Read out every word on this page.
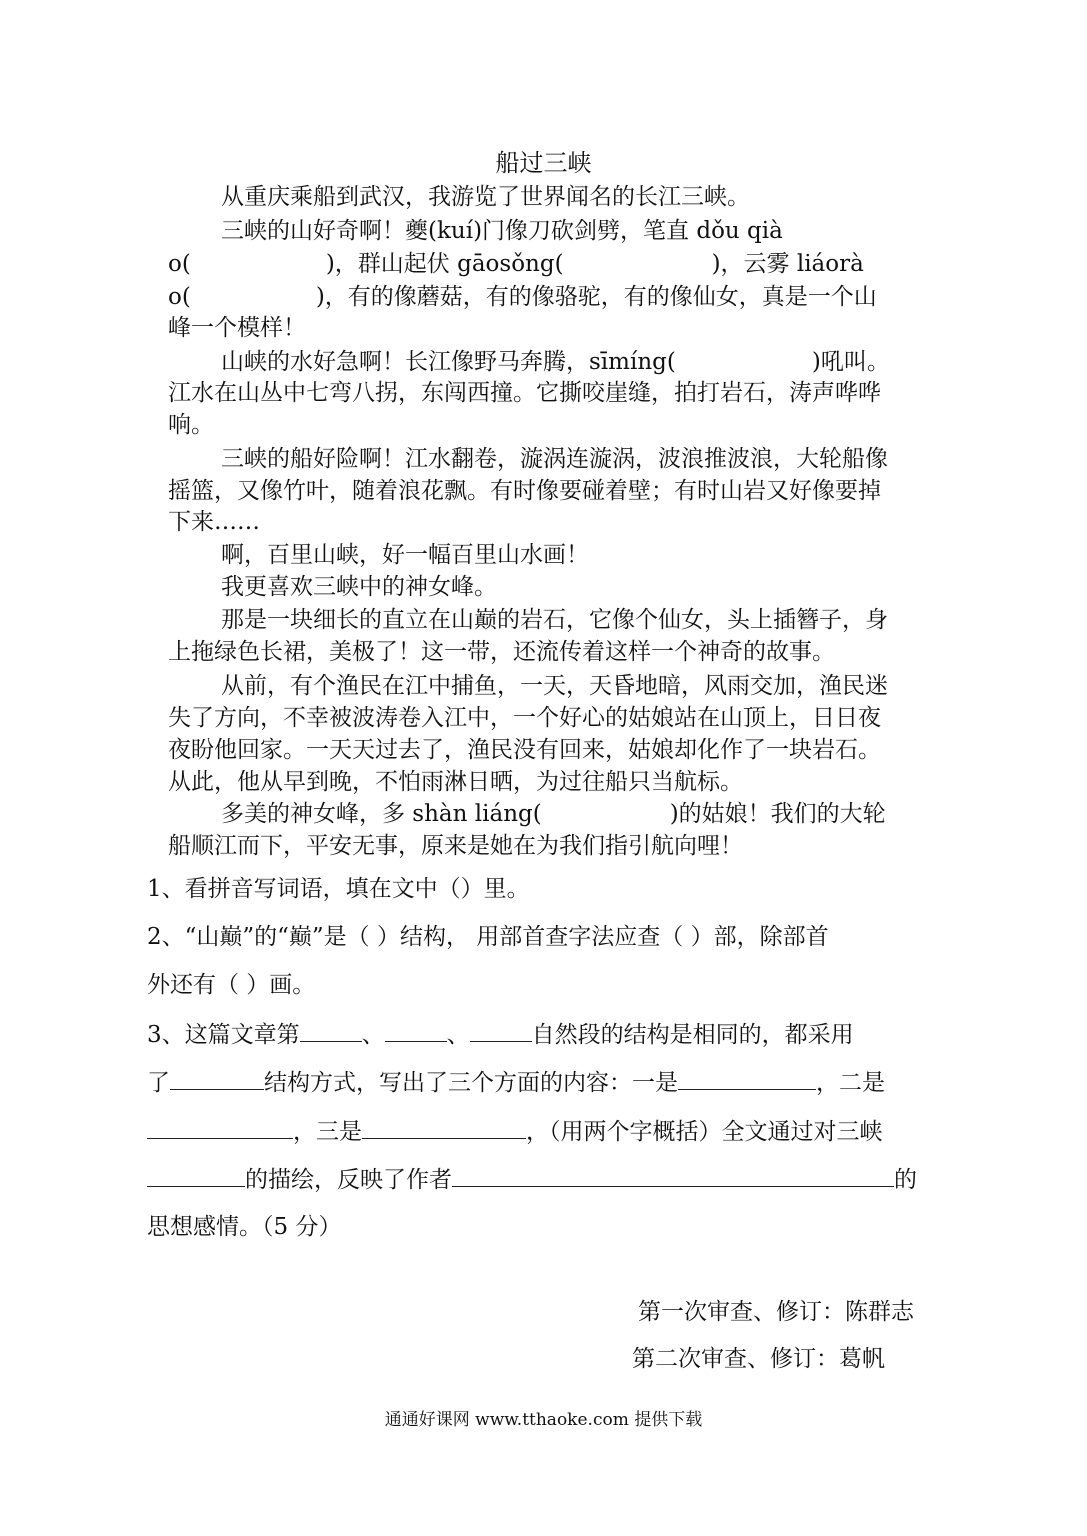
船过三峡
从重庆乘船到武汉，我游览了世界闻名的长江三峡。
三峡的山好奇啊！夔(kuí)门像刀砍剑劈，笔直 dǒu qià
o(	)，群山起伏 gāosǒng(	)，云雾 liáorà
o(	)，有的像蘑菇，有的像骆驼，有的像仙女，真是一个山
峰一个模样！
山峡的水好急啊！长江像野马奔腾，sīmíng(	)吼叫。
江水在山丛中七弯八拐，东闯西撞。它撕咬崖缝，拍打岩石，涛声哗哗
响。
三峡的船好险啊！江水翻卷，漩涡连漩涡，波浪推波浪，大轮船像
摇篮，又像竹叶，随着浪花飘。有时像要碰着壁；有时山岩又好像要掉
下来……
啊，百里山峡，好一幅百里山水画！
我更喜欢三峡中的神女峰。
那是一块细长的直立在山巅的岩石，它像个仙女，头上插簪子，身
上拖绿色长裙，美极了！这一带，还流传着这样一个神奇的故事。
从前，有个渔民在江中捕鱼，一天，天昏地暗，风雨交加，渔民迷
失了方向，不幸被波涛卷入江中，一个好心的姑娘站在山顶上，日日夜
夜盼他回家。一天天过去了，渔民没有回来，姑娘却化作了一块岩石。
从此，他从早到晚，不怕雨淋日晒，为过往船只当航标。
多美的神女峰，多 shàn liáng(	)的姑娘！我们的大轮
船顺江而下，平安无事，原来是她在为我们指引航向哩！
1、看拼音写词语，填在文中（）里。
2、“山巅”的“巅”是（ ）结构， 用部首查字法应查（ ）部，除部首
外还有（ ）画。
3、这篇文章第	、	、	自然段的结构是相同的，都采用
了	结构方式，写出了三个方面的内容：一是	，二是
，三是	，（用两个字概括）全文通过对三峡
的描绘，反映了作者	的
思想感情。（5 分）
第一次审查、修订：陈群志
第二次审查、修订：葛帆
通通好课网 www.tthaoke.com 提供下载
